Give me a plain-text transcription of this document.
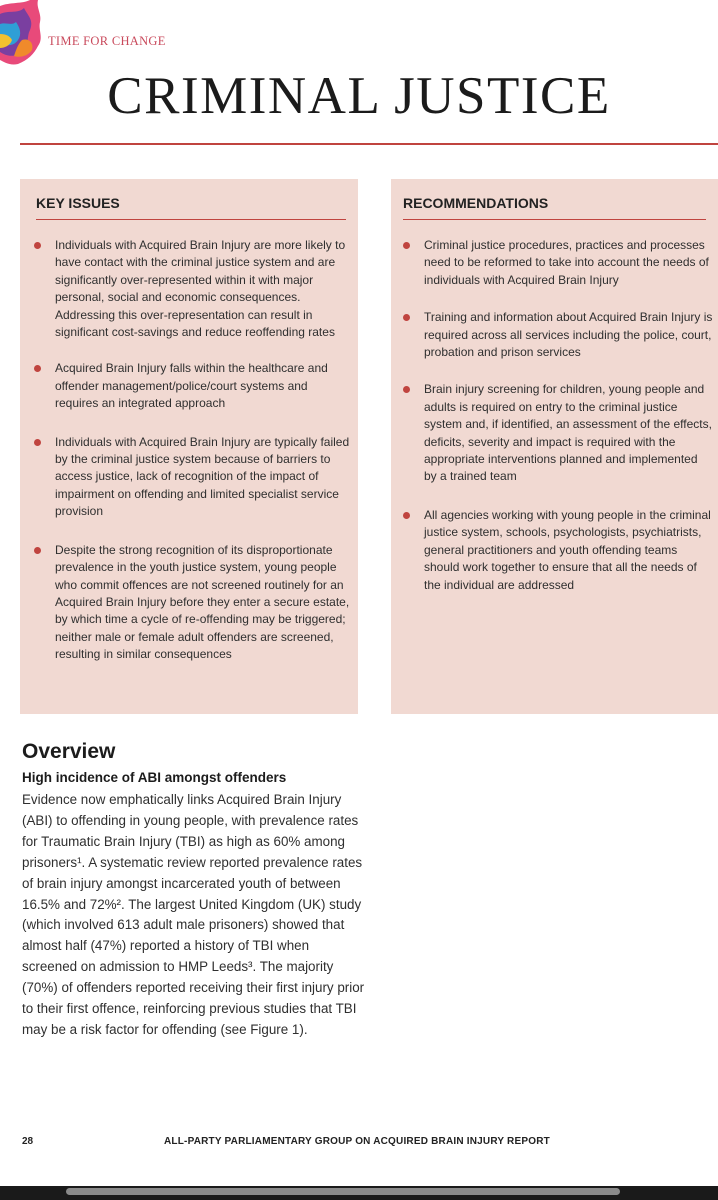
TIME FOR CHANGE
CRIMINAL JUSTICE
KEY ISSUES
Individuals with Acquired Brain Injury are more likely to have contact with the criminal justice system and are significantly over-represented within it with major personal, social and economic consequences. Addressing this over-representation can result in significant cost-savings and reduce reoffending rates
Acquired Brain Injury falls within the healthcare and offender management/police/court systems and requires an integrated approach
Individuals with Acquired Brain Injury are typically failed by the criminal justice system because of barriers to access justice, lack of recognition of the impact of impairment on offending and limited specialist service provision
Despite the strong recognition of its disproportionate prevalence in the youth justice system, young people who commit offences are not screened routinely for an Acquired Brain Injury before they enter a secure estate, by which time a cycle of re-offending may be triggered; neither male or female adult offenders are screened, resulting in similar consequences
RECOMMENDATIONS
Criminal justice procedures, practices and processes need to be reformed to take into account the needs of individuals with Acquired Brain Injury
Training and information about Acquired Brain Injury is required across all services including the police, court, probation and prison services
Brain injury screening for children, young people and adults is required on entry to the criminal justice system and, if identified, an assessment of the effects, deficits, severity and impact is required with the appropriate interventions planned and implemented by a trained team
All agencies working with young people in the criminal justice system, schools, psychologists, psychiatrists, general practitioners and youth offending teams should work together to ensure that all the needs of the individual are addressed
Overview
High incidence of ABI amongst offenders

Evidence now emphatically links Acquired Brain Injury (ABI) to offending in young people, with prevalence rates for Traumatic Brain Injury (TBI) as high as 60% among prisoners¹. A systematic review reported prevalence rates of brain injury amongst incarcerated youth of between 16.5% and 72%². The largest United Kingdom (UK) study (which involved 613 adult male prisoners) showed that almost half (47%) reported a history of TBI when screened on admission to HMP Leeds³. The majority (70%) of offenders reported receiving their first injury prior to their first offence, reinforcing previous studies that TBI may be a risk factor for offending (see Figure 1).

28	ALL-PARTY PARLIAMENTARY GROUP ON ACQUIRED BRAIN INJURY REPORT
